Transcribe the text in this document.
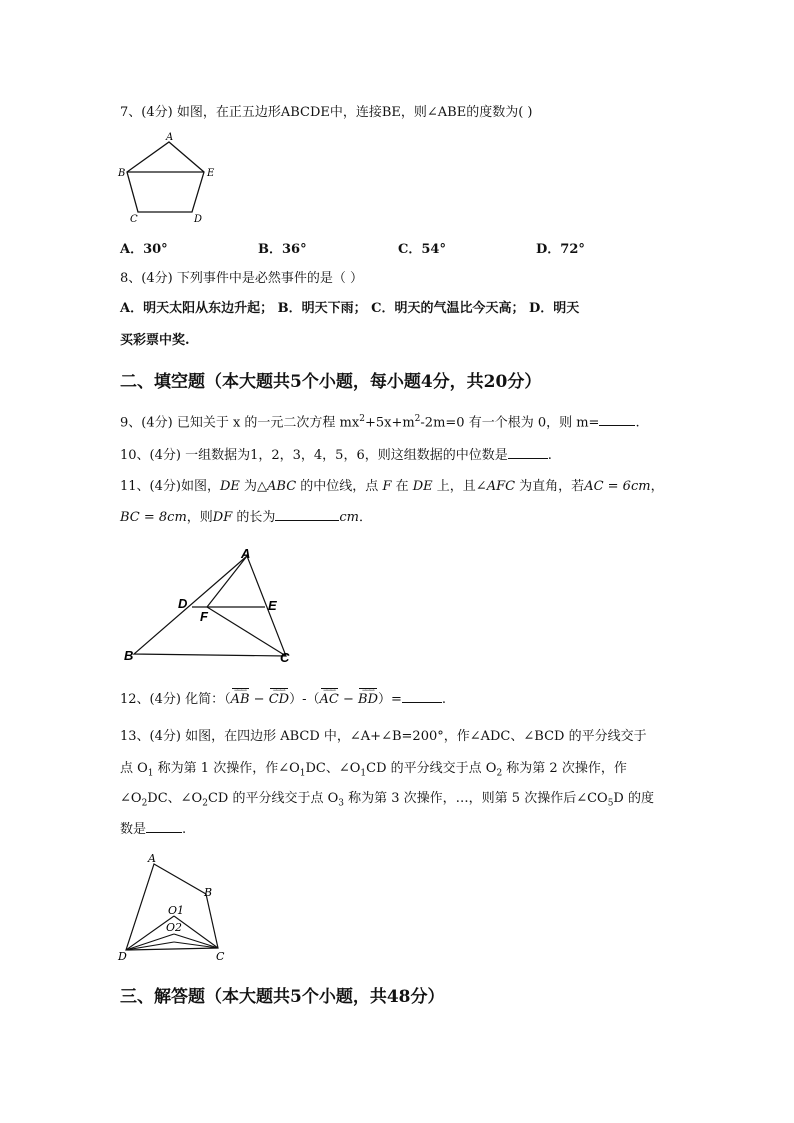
7、(4分) 如图，在正五边形ABCDE中，连接BE，则∠ABE的度数为( )
A
B	E
C	D
A．30°	B．36°	C．54°	D．72°
8、(4分) 下列事件中是必然事件的是（ ）
A．明天太阳从东边升起； B．明天下雨； C．明天的气温比今天高； D．明天
买彩票中奖.
二、填空题（本大题共5个小题，每小题4分，共20分）
9、(4分) 已知关于 x 的一元二次方程 $mx^2+5x+m^2-2m=0$ 有一个根为 0，则 m=	.
10、(4分) 一组数据为1，2，3，4，5，6，则这组数据的中位数是	.
11、(4分)如图，DE 为△ABC 的中位线，点 F 在 DE 上，且∠AFC 为直角，若AC = 6cm，
BC = 8cm，则DF 的长为	cm．
A
D	E
F
B	C
12、(4分) 化简：（
⇀⇀⇀
AB −
⇀⇀⇀
CD）-（
⇀⇀⇀
AC −
⇀⇀⇀
BD）=	.
13、(4分) 如图，在四边形 ABCD 中，∠A+∠B=200°，作∠ADC、∠BCD 的平分线交于
点 $O_1$ 称为第 1 次操作，作$\angle O_1DC$、$\angle O_1CD$ 的平分线交于点 $O_2$ 称为第 2 次操作，作
$\angle O_2DC$、$\angle O_2CD$ 的平分线交于点 $O_3$ 称为第 3 次操作，…，则第 5 次操作后$\angle CO_5D$ 的度
数是	.
A
B
O1
O2
D	C
三、解答题（本大题共5个小题，共48分）
